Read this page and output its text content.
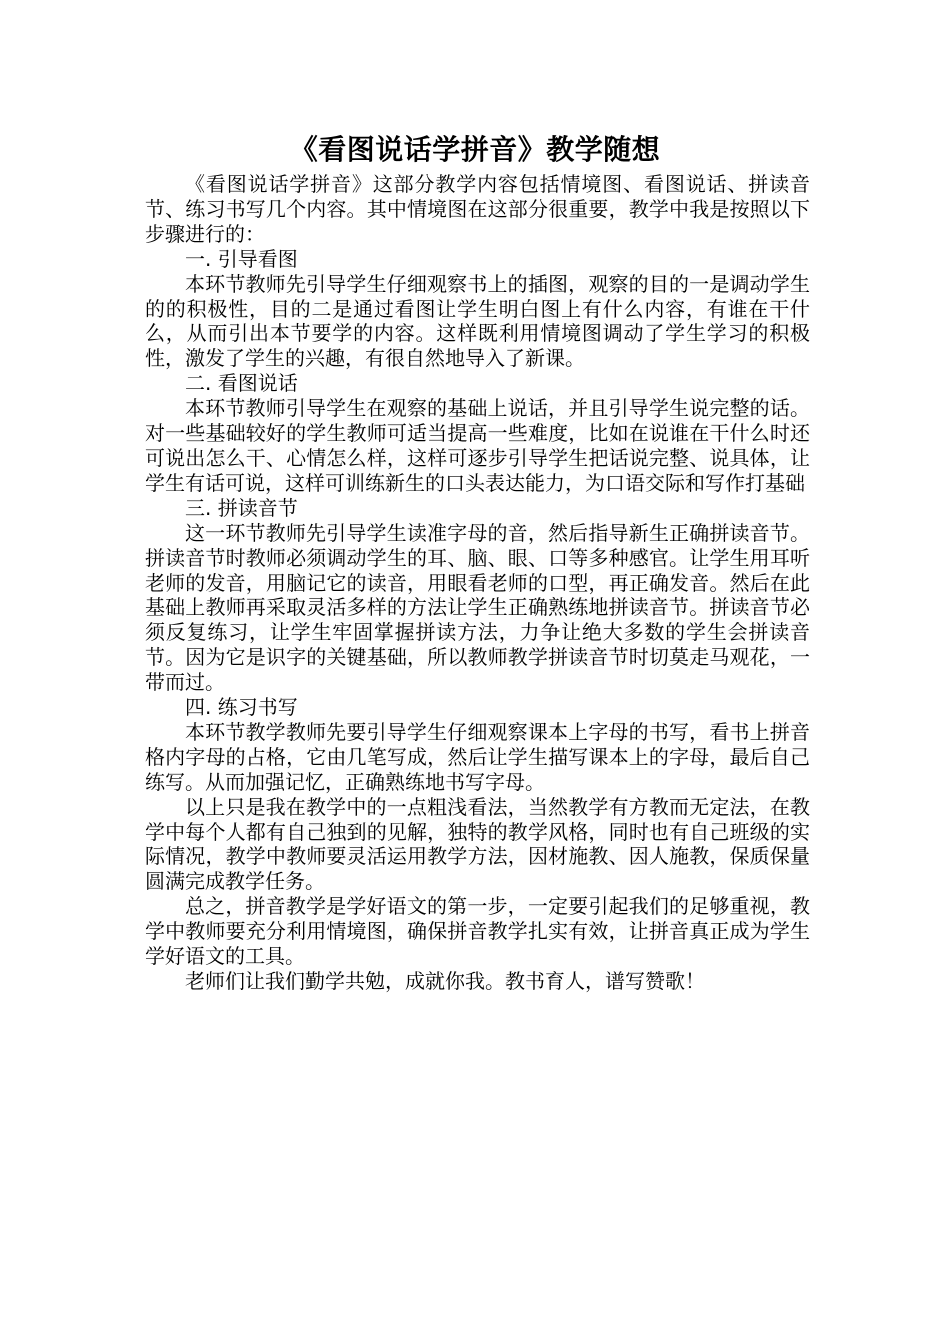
《看图说话学拼音》教学随想

《看图说话学拼音》这部分教学内容包括情境图、看图说话、拼读音节、练习书写几个内容。其中情境图在这部分很重要，教学中我是按照以下步骤进行的：

一. 引导看图

本环节教师先引导学生仔细观察书上的插图，观察的目的一是调动学生的的积极性，目的二是通过看图让学生明白图上有什么内容，有谁在干什么，从而引出本节要学的内容。这样既利用情境图调动了学生学习的积极性，激发了学生的兴趣，有很自然地导入了新课。

二. 看图说话

本环节教师引导学生在观察的基础上说话，并且引导学生说完整的话。对一些基础较好的学生教师可适当提高一些难度，比如在说谁在干什么时还可说出怎么干、心情怎么样，这样可逐步引导学生把话说完整、说具体，让学生有话可说，这样可训练新生的口头表达能力，为口语交际和写作打基础

三. 拼读音节

这一环节教师先引导学生读准字母的音，然后指导新生正确拼读音节。拼读音节时教师必须调动学生的耳、脑、眼、口等多种感官。让学生用耳听老师的发音，用脑记它的读音，用眼看老师的口型，再正确发音。然后在此基础上教师再采取灵活多样的方法让学生正确熟练地拼读音节。拼读音节必须反复练习，让学生牢固掌握拼读方法，力争让绝大多数的学生会拼读音节。因为它是识字的关键基础，所以教师教学拼读音节时切莫走马观花，一带而过。

四. 练习书写

本环节教学教师先要引导学生仔细观察课本上字母的书写，看书上拼音格内字母的占格，它由几笔写成，然后让学生描写课本上的字母，最后自己练写。从而加强记忆，正确熟练地书写字母。

以上只是我在教学中的一点粗浅看法，当然教学有方教而无定法，在教学中每个人都有自己独到的见解，独特的教学风格，同时也有自己班级的实际情况，教学中教师要灵活运用教学方法，因材施教、因人施教，保质保量圆满完成教学任务。

总之，拼音教学是学好语文的第一步，一定要引起我们的足够重视，教学中教师要充分利用情境图，确保拼音教学扎实有效，让拼音真正成为学生学好语文的工具。

老师们让我们勤学共勉，成就你我。教书育人，谱写赞歌！
